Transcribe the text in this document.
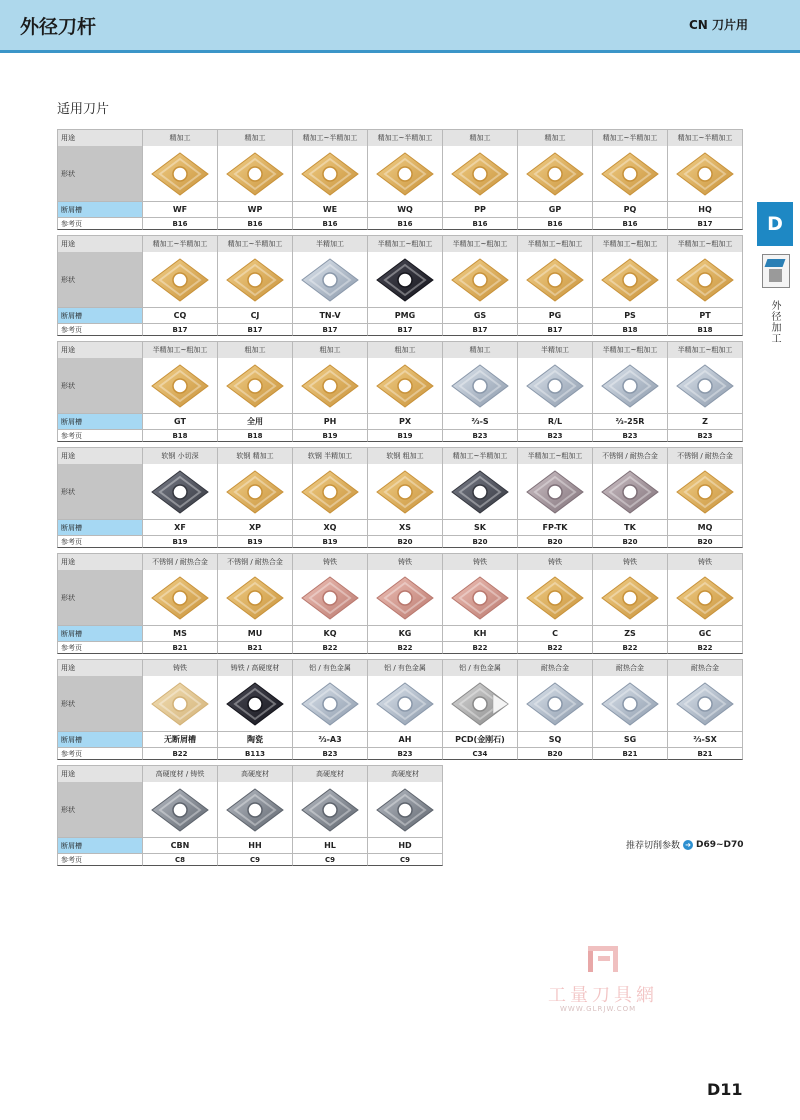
外径刀杆	CN 刀片用
适用刀片
D
外径加工
用途	精加工	精加工	精加工~半精加工	精加工~半精加工	精加工	精加工	精加工~半精加工	精加工~半精加工
形状
断屑槽	WF	WP	WE	WQ	PP	GP	PQ	HQ
参考页	B16	B16	B16	B16	B16	B16	B16	B17
用途	精加工~半精加工	精加工~半精加工	半精加工	半精加工~粗加工	半精加工~粗加工	半精加工~粗加工	半精加工~粗加工	半精加工~粗加工
形状
断屑槽	CQ	CJ	TN-V	PMG	GS	PG	PS	PT
参考页	B17	B17	B17	B17	B17	B17	B18	B18
用途	半精加工~粗加工	粗加工	粗加工	粗加工	精加工	半精加工	半精加工~粗加工	半精加工~粗加工
形状
断屑槽	GT	全用	PH	PX	⅔-S	R/L	⅔-25R	Z
参考页	B18	B18	B19	B19	B23	B23	B23	B23
用途	软钢 小切深	软钢 精加工	软钢 半精加工	软钢 粗加工	精加工~半精加工	半精加工~粗加工	不锈钢 / 耐热合金	不锈钢 / 耐热合金
形状
断屑槽	XF	XP	XQ	XS	SK	FP-TK	TK	MQ
参考页	B19	B19	B19	B20	B20	B20	B20	B20
用途	不锈钢 / 耐热合金	不锈钢 / 耐热合金	铸铁	铸铁	铸铁	铸铁	铸铁	铸铁
形状
断屑槽	MS	MU	KQ	KG	KH	C	ZS	GC
参考页	B21	B21	B22	B22	B22	B22	B22	B22
用途	铸铁	铸铁 / 高硬度材	铝 / 有色金属	铝 / 有色金属	铝 / 有色金属	耐热合金	耐热合金	耐热合金
形状
断屑槽	无断屑槽	陶瓷	⅔-A3	AH	PCD(金刚石)	SQ	SG	⅔-SX
参考页	B22	B113	B23	B23	C34	B20	B21	B21
用途	高硬度材 / 铸铁	高硬度材	高硬度材	高硬度材
形状
断屑槽	CBN	HH	HL	HD
参考页	C8	C9	C9	C9
推荐切削参数 ➜ D69~D70
工量刀具網
WWW.GLRJW.COM
D11
